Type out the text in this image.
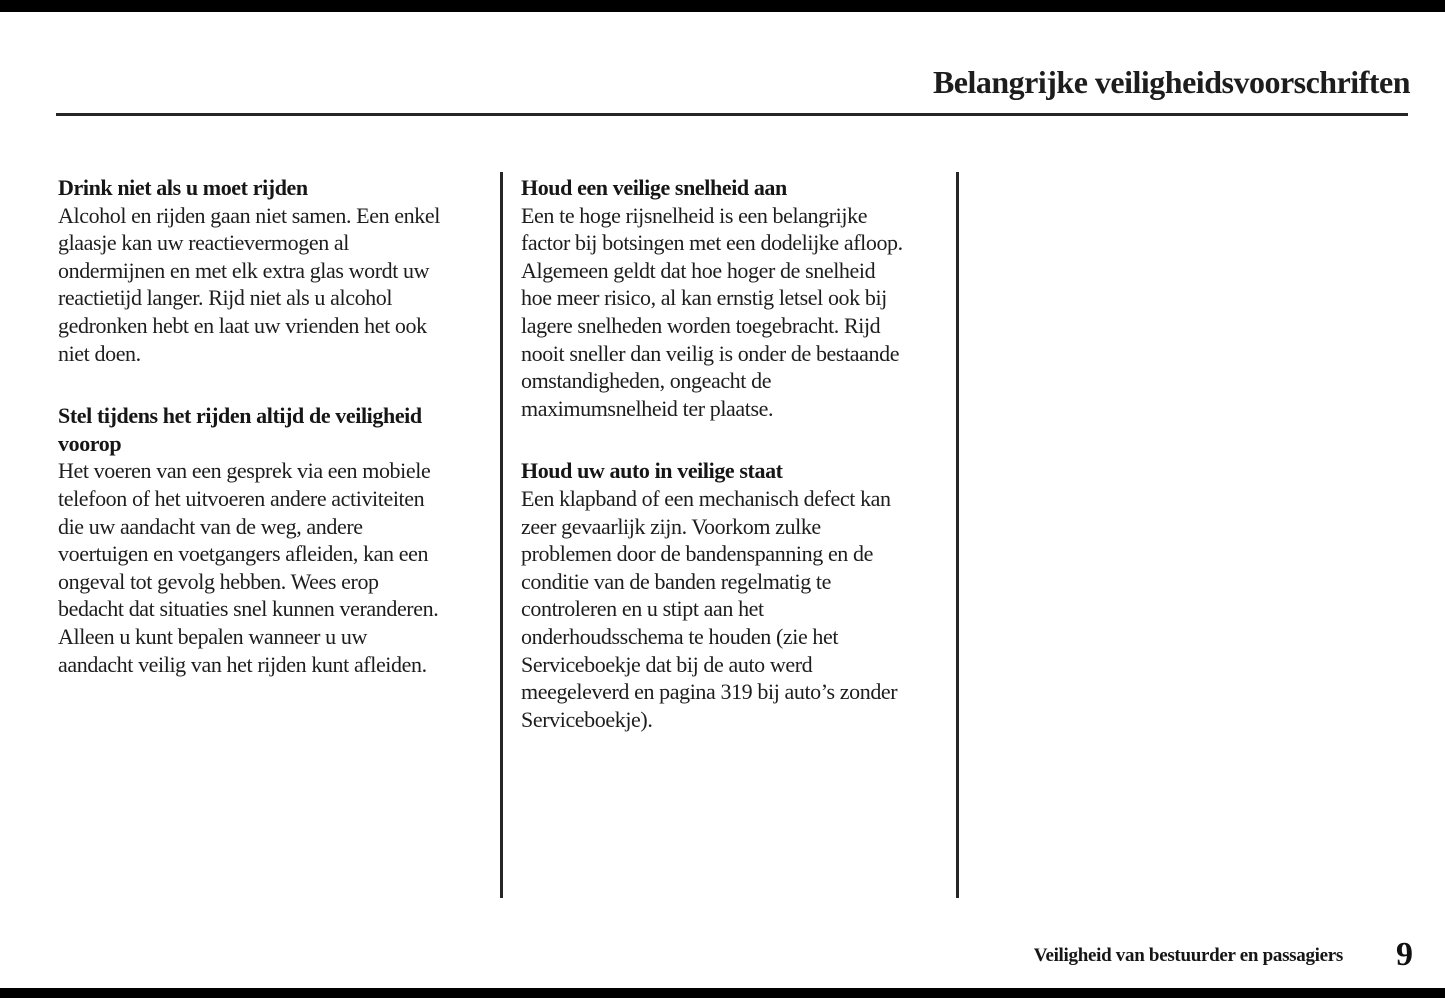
Belangrijke veiligheidsvoorschriften
Drink niet als u moet rijden
Alcohol en rijden gaan niet samen. Een enkel
glaasje kan uw reactievermogen al
ondermijnen en met elk extra glas wordt uw
reactietijd langer. Rijd niet als u alcohol
gedronken hebt en laat uw vrienden het ook
niet doen.
Stel tijdens het rijden altijd de veiligheid
voorop
Het voeren van een gesprek via een mobiele
telefoon of het uitvoeren andere activiteiten
die uw aandacht van de weg, andere
voertuigen en voetgangers afleiden, kan een
ongeval tot gevolg hebben. Wees erop
bedacht dat situaties snel kunnen veranderen.
Alleen u kunt bepalen wanneer u uw
aandacht veilig van het rijden kunt afleiden.
Houd een veilige snelheid aan
Een te hoge rijsnelheid is een belangrijke
factor bij botsingen met een dodelijke afloop.
Algemeen geldt dat hoe hoger de snelheid
hoe meer risico, al kan ernstig letsel ook bij
lagere snelheden worden toegebracht. Rijd
nooit sneller dan veilig is onder de bestaande
omstandigheden, ongeacht de
maximumsnelheid ter plaatse.
Houd uw auto in veilige staat
Een klapband of een mechanisch defect kan
zeer gevaarlijk zijn. Voorkom zulke
problemen door de bandenspanning en de
conditie van de banden regelmatig te
controleren en u stipt aan het
onderhoudsschema te houden (zie het
Serviceboekje dat bij de auto werd
meegeleverd en pagina 319 bij auto’s zonder
Serviceboekje).
Veiligheid van bestuurder en passagiers 9
